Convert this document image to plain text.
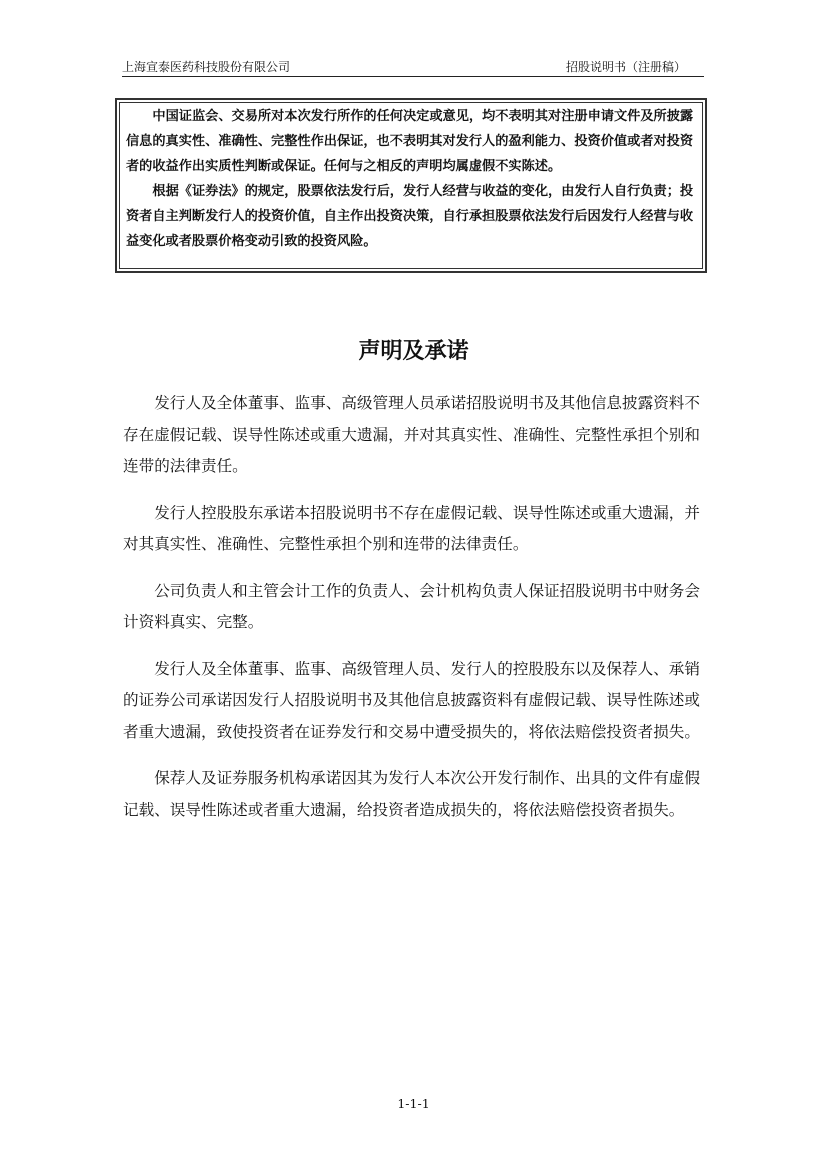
上海宣泰医药科技股份有限公司	招股说明书（注册稿）

中国证监会、交易所对本次发行所作的任何决定或意见，均不表明其对注册申请文件及所披露信息的真实性、准确性、完整性作出保证，也不表明其对发行人的盈利能力、投资价值或者对投资者的收益作出实质性判断或保证。任何与之相反的声明均属虚假不实陈述。

根据《证券法》的规定，股票依法发行后，发行人经营与收益的变化，由发行人自行负责；投资者自主判断发行人的投资价值，自主作出投资决策，自行承担股票依法发行后因发行人经营与收益变化或者股票价格变动引致的投资风险。

声明及承诺

发行人及全体董事、监事、高级管理人员承诺招股说明书及其他信息披露资料不存在虚假记载、误导性陈述或重大遗漏，并对其真实性、准确性、完整性承担个别和连带的法律责任。

发行人控股股东承诺本招股说明书不存在虚假记载、误导性陈述或重大遗漏，并对其真实性、准确性、完整性承担个别和连带的法律责任。

公司负责人和主管会计工作的负责人、会计机构负责人保证招股说明书中财务会计资料真实、完整。

发行人及全体董事、监事、高级管理人员、发行人的控股股东以及保荐人、承销的证券公司承诺因发行人招股说明书及其他信息披露资料有虚假记载、误导性陈述或者重大遗漏，致使投资者在证券发行和交易中遭受损失的，将依法赔偿投资者损失。

保荐人及证券服务机构承诺因其为发行人本次公开发行制作、出具的文件有虚假记载、误导性陈述或者重大遗漏，给投资者造成损失的，将依法赔偿投资者损失。

1-1-1
